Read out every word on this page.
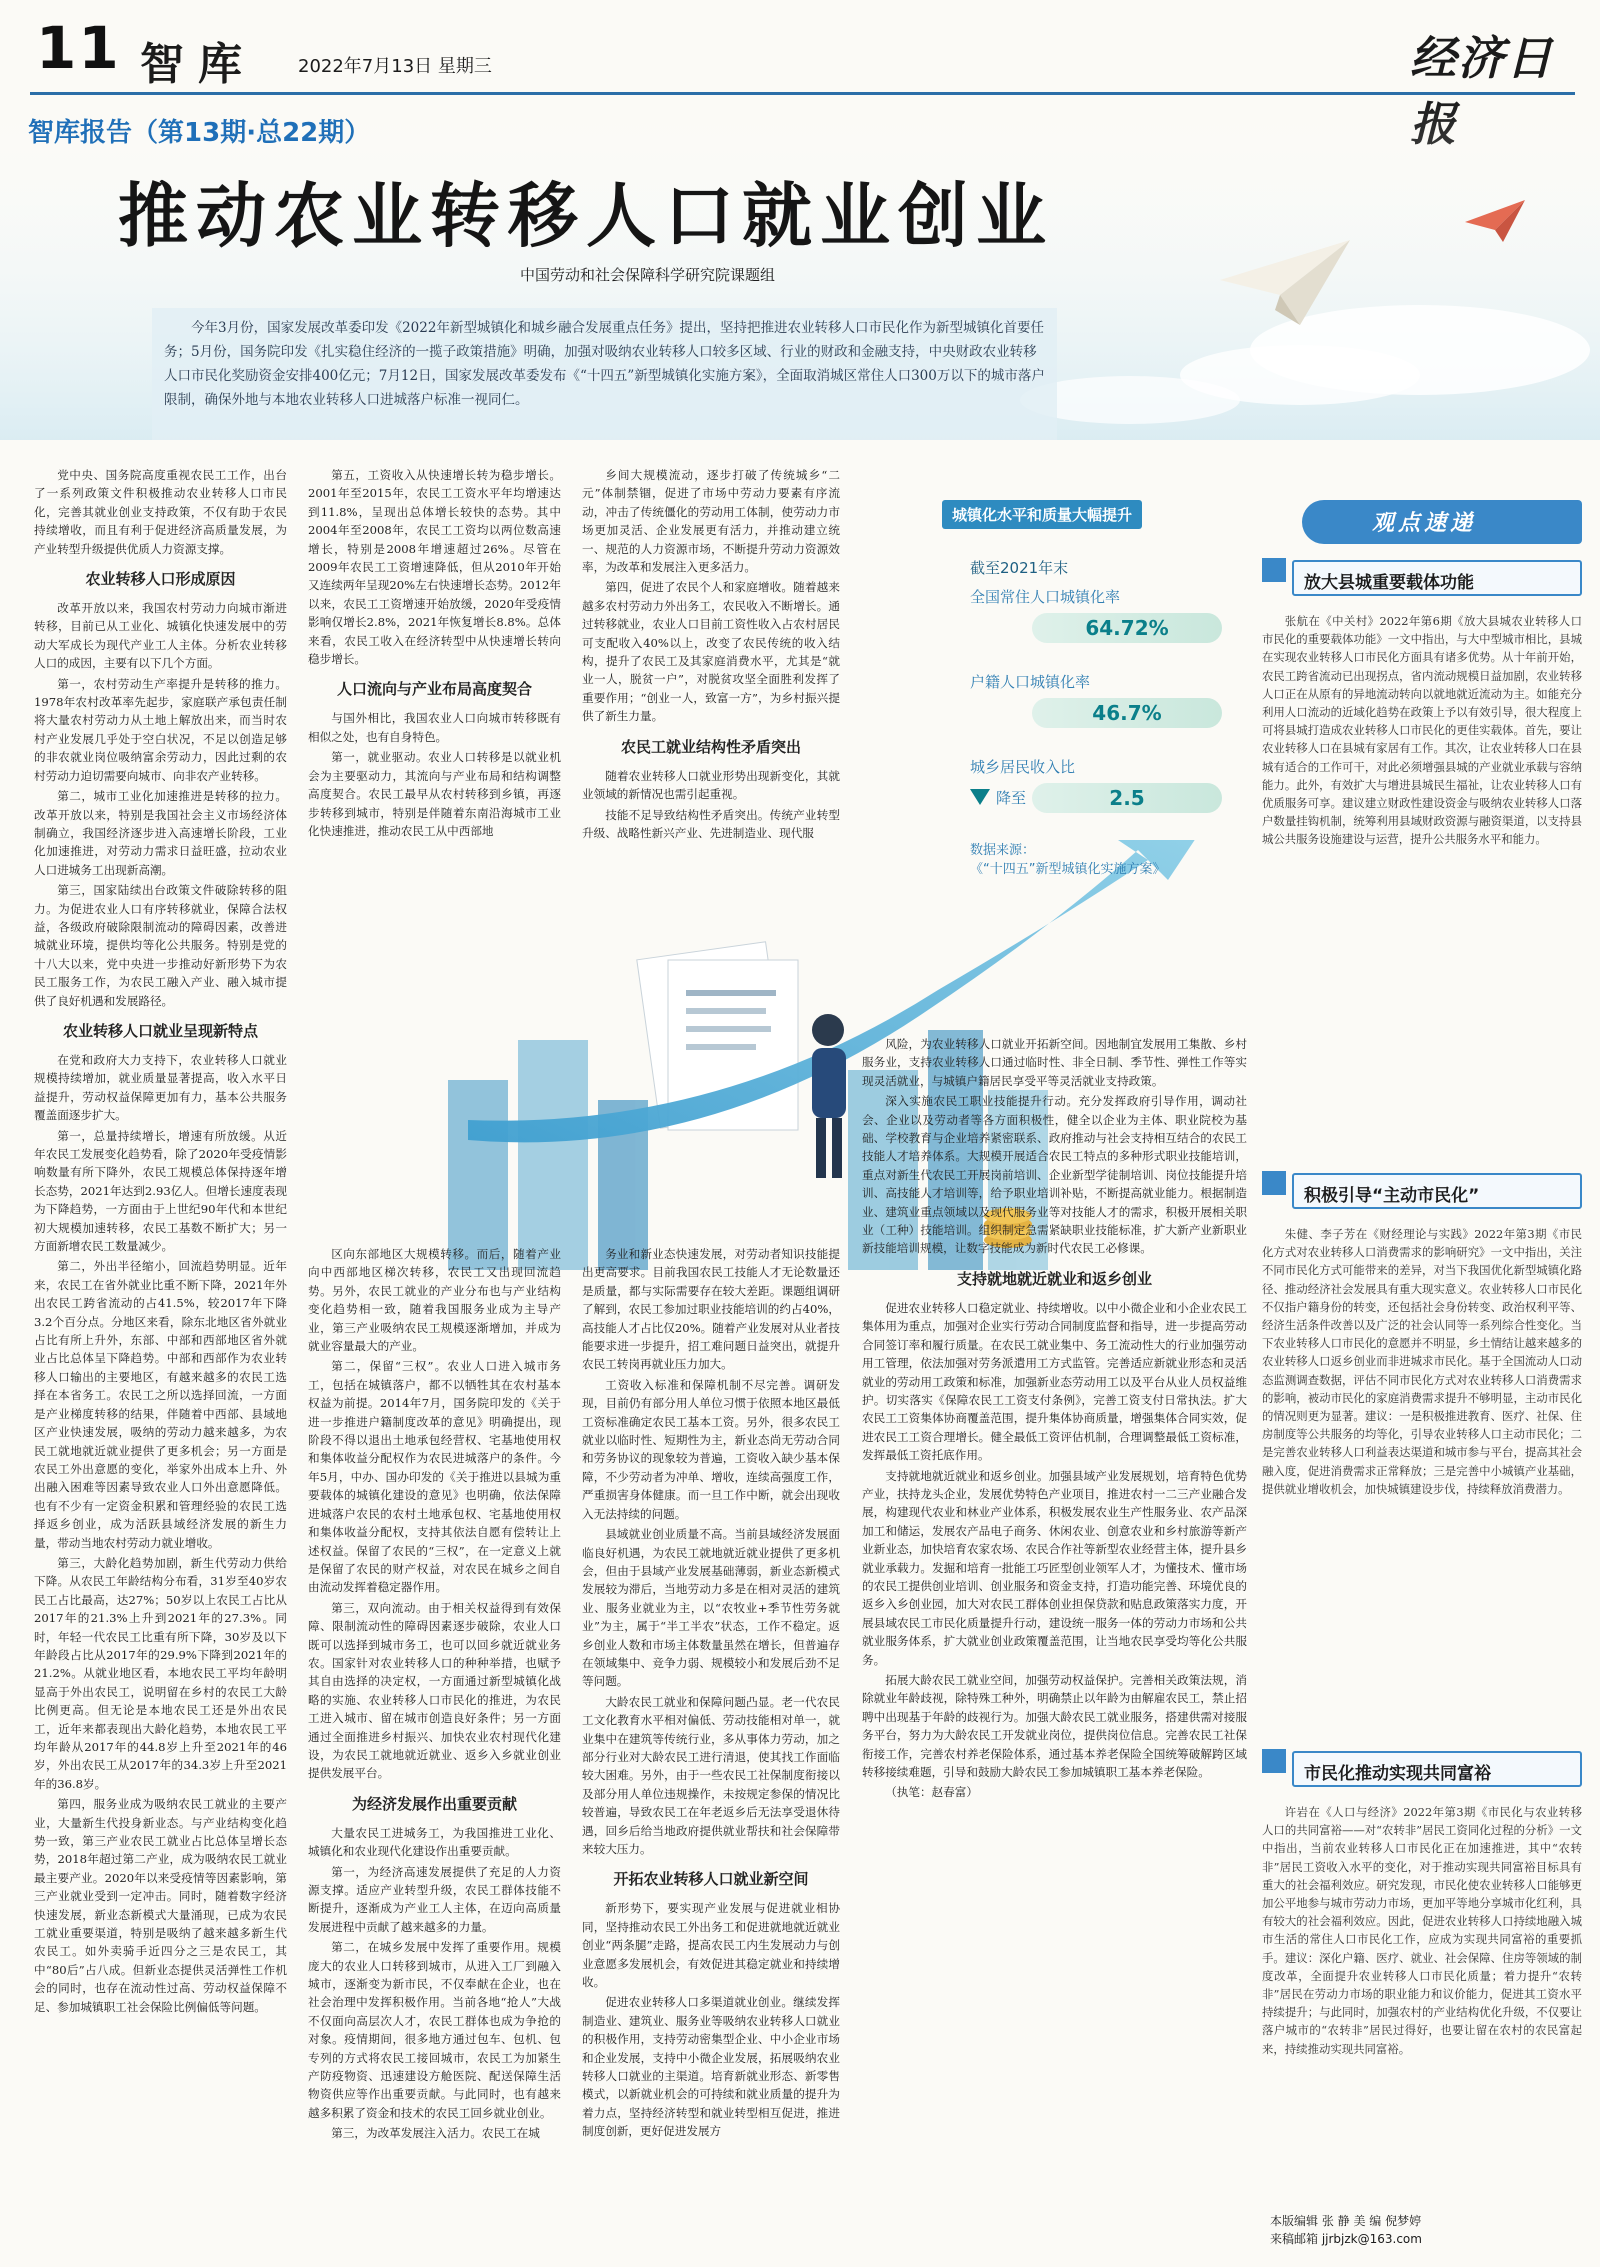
11 智库 2022年7月13日 星期三	经济日
智库报告（第13期·总22期）
推动农业转移人口就业创业
中国劳动和社会保障科学研究院课题组
今年3月份，国家发展改革委印发《2022年新型城镇化和城乡融合发展重点任务》提出，坚持把推进农业转移人口市民化作为新型城镇化首要任务；5月份，国务院印发《扎实稳住经济的一揽子政策措施》明确，加强对吸纳农业转移人口较多区域、行业的财政和金融支持，中央财政农业转移人口市民化奖励资金安排400亿元；7月12日，国家发展改革委发布《“十四五”新型城镇化实施方案》，全面取消城区常住人口300万以下的城市落户限制，确保外地与本地农业转移人口进城落户标准一视同仁。

党中央、国务院高度重视农民工工作，出台了一系列政策文件积极推动农业转移人口市民化，完善其就业创业支持政策，不仅有助于农民持续增收，而且有利于促进经济高质量发展，为产业转型升级提供优质人力资源支撑。

农业转移人口形成原因

改革开放以来，我国农村劳动力向城市渐进转移，目前已从工业化、城镇化快速发展中的劳动大军成长为现代产业工人主体。分析农业转移人口的成因，主要有以下几个方面。

第一，农村劳动生产率提升是转移的推力。1978年农村改革率先起步，家庭联产承包责任制将大量农村劳动力从土地上解放出来，而当时农村产业发展几乎处于空白状况，不足以创造足够的非农就业岗位吸纳富余劳动力，因此过剩的农村劳动力迫切需要向城市、向非农产业转移。

第二，城市工业化加速推进是转移的拉力。改革开放以来，特别是我国社会主义市场经济体制确立，我国经济逐步进入高速增长阶段，工业化加速推进，对劳动力需求日益旺盛，拉动农业人口进城务工出现新高潮。

第三，国家陆续出台政策文件破除转移的阻力。为促进农业人口有序转移就业，保障合法权益，各级政府破除限制流动的障碍因素，改善进城就业环境，提供均等化公共服务。特别是党的十八大以来，党中央进一步推动好新形势下为农民工服务工作，为农民工融入产业、融入城市提供了良好机遇和发展路径。

农业转移人口就业呈现新特点

在党和政府大力支持下，农业转移人口就业规模持续增加，就业质量显著提高，收入水平日益提升，劳动权益保障更加有力，基本公共服务覆盖面逐步扩大。

第一，总量持续增长，增速有所放缓。从近年农民工发展变化趋势看，除了2020年受疫情影响数量有所下降外，农民工规模总体保持逐年增长态势，2021年达到2.93亿人。但增长速度表现为下降趋势，一方面由于上世纪90年代和本世纪初大规模加速转移，农民工基数不断扩大；另一方面新增农民工数量减少。

第二，外出半径缩小，回流趋势明显。近年来，农民工在省外就业比重不断下降，2021年外出农民工跨省流动的占41.5%，较2017年下降3.2个百分点。分地区来看，除东北地区省外就业占比有所上升外，东部、中部和西部地区省外就业占比总体呈下降趋势。中部和西部作为农业转移人口输出的主要地区，有越来越多的农民工选择在本省务工。农民工之所以选择回流，一方面是产业梯度转移的结果，伴随着中西部、县域地区产业快速发展，吸纳的劳动力越来越多，为农民工就地就近就业提供了更多机会；另一方面是农民工外出意愿的变化，举家外出成本上升、外出融入困难等因素导致农业人口外出意愿降低。也有不少有一定资金积累和管理经验的农民工选择返乡创业，成为活跃县域经济发展的新生力量，带动当地农村劳动力就业增收。

第三，大龄化趋势加剧，新生代劳动力供给下降。从农民工年龄结构分布看，31岁至40岁农民工占比最高，达27%；50岁以上农民工占比从2017年的21.3%上升到2021年的27.3%。同时，年轻一代农民工比重有所下降，30岁及以下年龄段占比从2017年的29.9%下降到2021年的21.2%。从就业地区看，本地农民工平均年龄明显高于外出农民工，说明留在乡村的农民工大龄比例更高。但无论是本地农民工还是外出农民工，近年来都表现出大龄化趋势，本地农民工平均年龄从2017年的44.8岁上升至2021年的46岁，外出农民工从2017年的34.3岁上升至2021年的36.8岁。

第四，服务业成为吸纳农民工就业的主要产业，大量新生代投身新业态。与产业结构变化趋势一致，第三产业农民工就业占比总体呈增长态势，2018年超过第二产业，成为吸纳农民工就业最主要产业。2020年以来受疫情等因素影响，第三产业就业受到一定冲击。同时，随着数字经济快速发展，新业态新模式大量涌现，已成为农民工就业重要渠道，特别是吸纳了越来越多新生代农民工。如外卖骑手近四分之三是农民工，其中“80后”占八成。但新业态提供灵活弹性工作机会的同时，也存在流动性过高、劳动权益保障不足、参加城镇职工社会保险比例偏低等问题。

第五，工资收入从快速增长转为稳步增长。2001年至2015年，农民工工资水平年均增速达到11.8%，呈现出总体增长较快的态势。其中2004年至2008年，农民工工资均以两位数高速增长，特别是2008年增速超过26%。尽管在2009年农民工工资增速降低，但从2010年开始又连续两年呈现20%左右快速增长态势。2012年以来，农民工工资增速开始放缓，2020年受疫情影响仅增长2.8%，2021年恢复增长8.8%。总体来看，农民工收入在经济转型中从快速增长转向稳步增长。

人口流向与产业布局高度契合

与国外相比，我国农业人口向城市转移既有相似之处，也有自身特色。

第一，就业驱动。农业人口转移是以就业机会为主要驱动力，其流向与产业布局和结构调整高度契合。农民工最早从农村转移到乡镇，再逐步转移到城市，特别是伴随着东南沿海城市工业化快速推进，推动农民工从中西部地

乡间大规模流动，逐步打破了传统城乡“二元”体制禁锢，促进了市场中劳动力要素有序流动，冲击了传统僵化的劳动用工体制，使劳动力市场更加灵活、企业发展更有活力，并推动建立统一、规范的人力资源市场，不断提升劳动力资源效率，为改革和发展注入更多活力。

第四，促进了农民个人和家庭增收。随着越来越多农村劳动力外出务工，农民收入不断增长。通过转移就业，农业人口目前工资性收入占农村居民可支配收入40%以上，改变了农民传统的收入结构，提升了农民工及其家庭消费水平，尤其是“就业一人，脱贫一户”，对脱贫攻坚全面胜利发挥了重要作用；“创业一人，致富一方”，为乡村振兴提供了新生力量。

农民工就业结构性矛盾突出

随着农业转移人口就业形势出现新变化，其就业领域的新情况也需引起重视。

技能不足导致结构性矛盾突出。传统产业转型升级、战略性新兴产业、先进制造业、现代服

区向东部地区大规模转移。而后，随着产业向中西部地区梯次转移，农民工又出现回流趋势。另外，农民工就业的产业分布也与产业结构变化趋势相一致，随着我国服务业成为主导产业，第三产业吸纳农民工规模逐渐增加，并成为就业容量最大的产业。

第二，保留“三权”。农业人口进入城市务工，包括在城镇落户，都不以牺牲其在农村基本权益为前提。2014年7月，国务院印发的《关于进一步推进户籍制度改革的意见》明确提出，现阶段不得以退出土地承包经营权、宅基地使用权和集体收益分配权作为农民进城落户的条件。今年5月，中办、国办印发的《关于推进以县城为重要载体的城镇化建设的意见》也明确，依法保障进城落户农民的农村土地承包权、宅基地使用权和集体收益分配权，支持其依法自愿有偿转让上述权益。保留了农民的“三权”，在一定意义上就是保留了农民的财产权益，对农民在城乡之间自由流动发挥着稳定器作用。

第三，双向流动。由于相关权益得到有效保障、限制流动性的障碍因素逐步破除，农业人口既可以选择到城市务工，也可以回乡就近就业务农。国家针对农业转移人口的种种举措，也赋予其自由选择的决定权，一方面通过新型城镇化战略的实施、农业转移人口市民化的推进，为农民工进入城市、留在城市创造良好条件；另一方面通过全面推进乡村振兴、加快农业农村现代化建设，为农民工就地就近就业、返乡入乡就业创业提供发展平台。

为经济发展作出重要贡献

大量农民工进城务工，为我国推进工业化、城镇化和农业现代化建设作出重要贡献。

第一，为经济高速发展提供了充足的人力资源支撑。适应产业转型升级，农民工群体技能不断提升，逐渐成为产业工人主体，在迈向高质量发展进程中贡献了越来越多的力量。

第二，在城乡发展中发挥了重要作用。规模庞大的农业人口转移到城市，从进入工厂到融入城市，逐渐变为新市民，不仅奉献在企业，也在社会治理中发挥积极作用。当前各地“抢人”大战不仅面向高层次人才，农民工群体也成为争抢的对象。疫情期间，很多地方通过包车、包机、包专列的方式将农民工接回城市，农民工为加紧生产防疫物资、迅速建设方舱医院、配送保障生活物资供应等作出重要贡献。与此同时，也有越来越多积累了资金和技术的农民工回乡就业创业。

第三，为改革发展注入活力。农民工在城

务业和新业态快速发展，对劳动者知识技能提出更高要求。目前我国农民工技能人才无论数量还是质量，都与实际需要存在较大差距。课题组调研了解到，农民工参加过职业技能培训的约占40%，高技能人才占比仅20%。随着产业发展对从业者技能要求进一步提升，招工难问题日益突出，就提升农民工转岗再就业压力加大。

工资收入标准和保障机制不尽完善。调研发现，目前仍有部分用人单位习惯于依照本地区最低工资标准确定农民工基本工资。另外，很多农民工就业以临时性、短期性为主，新业态尚无劳动合同和劳务协议的现象较为普遍，工资收入缺少基本保障，不少劳动者为冲单、增收，连续高强度工作，严重损害身体健康。而一旦工作中断，就会出现收入无法持续的问题。

县域就业创业质量不高。当前县域经济发展面临良好机遇，为农民工就地就近就业提供了更多机会，但由于县域产业发展基础薄弱，新业态新模式发展较为滞后，当地劳动力多是在相对灵活的建筑业、服务业就业为主，以“农牧业+季节性劳务就业”为主，属于“半工半农”状态，工作不稳定。返乡创业人数和市场主体数量虽然在增长，但普遍存在领域集中、竞争力弱、规模较小和发展后劲不足等问题。

大龄农民工就业和保障问题凸显。老一代农民工文化教育水平相对偏低、劳动技能相对单一，就业集中在建筑等传统行业，多从事体力劳动，加之部分行业对大龄农民工进行清退，使其找工作面临较大困难。另外，由于一些农民工社保制度衔接以及部分用人单位违规操作，未按规定参保的情况比较普遍，导致农民工在年老返乡后无法享受退休待遇，回乡后给当地政府提供就业帮扶和社会保障带来较大压力。

开拓农业转移人口就业新空间

新形势下，要实现产业发展与促进就业相协同，坚持推动农民工外出务工和促进就地就近就业创业“两条腿”走路，提高农民工内生发展动力与创业意愿多发展机会，有效促进其稳定就业和持续增收。

促进农业转移人口多渠道就业创业。继续发挥制造业、建筑业、服务业等吸纳农业转移人口就业的积极作用，支持劳动密集型企业、中小企业市场和企业发展，支持中小微企业发展，拓展吸纳农业转移人口就业的主渠道。培育新就业形态、新零售模式，以新就业机会的可持续和就业质量的提升为着力点，坚持经济转型和就业转型相互促进，推进制度创新，更好促进发展方

风险，为农业转移人口就业开拓新空间。因地制宜发展用工集散、乡村服务业，支持农业转移人口通过临时性、非全日制、季节性、弹性工作等实现灵活就业，与城镇户籍居民享受平等灵活就业支持政策。

深入实施农民工职业技能提升行动。充分发挥政府引导作用，调动社会、企业以及劳动者等各方面积极性，健全以企业为主体、职业院校为基础、学校教育与企业培养紧密联系、政府推动与社会支持相互结合的农民工技能人才培养体系。大规模开展适合农民工特点的多种形式职业技能培训，重点对新生代农民工开展岗前培训、企业新型学徒制培训、岗位技能提升培训、高技能人才培训等，给予职业培训补贴，不断提高就业能力。根据制造业、建筑业重点领域以及现代服务业等对技能人才的需求，积极开展相关职业（工种）技能培训。组织制定急需紧缺职业技能标准，扩大新产业新职业新技能培训规模，让数字技能成为新时代农民工必修课。

支持就地就近就业和返乡创业

促进农业转移人口稳定就业、持续增收。以中小微企业和小企业农民工集体用为重点，加强对企业实行劳动合同制度监督和指导，进一步提高劳动合同签订率和履行质量。在农民工就业集中、务工流动性大的行业加强劳动用工管理，依法加强对劳务派遣用工方式监管。完善适应新就业形态和灵活就业的劳动用工政策和标准，加强新业态劳动用工以及平台从业人员权益维护。切实落实《保障农民工工资支付条例》，完善工资支付日常执法。扩大农民工工资集体协商覆盖范围，提升集体协商质量，增强集体合同实效，促进农民工工资合理增长。健全最低工资评估机制，合理调整最低工资标准，发挥最低工资托底作用。

支持就地就近就业和返乡创业。加强县域产业发展规划，培育特色优势产业，扶持龙头企业，发展优势特色产业项目，推进农村一二三产业融合发展，构建现代农业和林业产业体系，积极发展农业生产性服务业、农产品深加工和储运，发展农产品电子商务、休闲农业、创意农业和乡村旅游等新产业新业态，加快培育农家农场、农民合作社等新型农业经营主体，提升县乡就业承载力。发掘和培育一批能工巧匠型创业领军人才，为懂技术、懂市场的农民工提供创业培训、创业服务和资金支持，打造功能完善、环境优良的返乡入乡创业园，加大对农民工群体创业担保贷款和贴息政策落实力度，开展县域农民工市民化质量提升行动，建设统一服务一体的劳动力市场和公共就业服务体系，扩大就业创业政策覆盖范围，让当地农民享受均等化公共服务。

拓展大龄农民工就业空间，加强劳动权益保护。完善相关政策法规，消除就业年龄歧视，除特殊工种外，明确禁止以年龄为由解雇农民工，禁止招聘中出现基于年龄的歧视行为。加强大龄农民工就业服务，搭建供需对接服务平台，努力为大龄农民工开发就业岗位，提供岗位信息。完善农民工社保衔接工作，完善农村养老保险体系，通过基本养老保险全国统筹破解跨区域转移接续难题，引导和鼓励大龄农民工参加城镇职工基本养老保险。

（执笔：赵春富）

城镇化水平和质量大幅提升
截至2021年末
全国常住人口城镇化率
64.72%
户籍人口城镇化率
46.7%
城乡居民收入比
降至	2.5
数据来源：
《“十四五”新型城镇化实施方案》
观点速递
放大县城重要载体功能
张航在《中关村》2022年第6期《放大县城农业转移人口市民化的重要载体功能》一文中指出，与大中型城市相比，县城在实现农业转移人口市民化方面具有诸多优势。从十年前开始，农民工跨省流动已出现拐点，省内流动规模日益加剧，农业转移人口正在从原有的异地流动转向以就地就近流动为主。如能充分利用人口流动的近域化趋势在政策上予以有效引导，很大程度上可将县城打造成农业转移人口市民化的更佳实载体。首先，要让农业转移人口在县城有家居有工作。其次，让农业转移人口在县城有适合的工作可干，对此必须增强县城的产业就业承载与容纳能力。此外，有效扩大与增进县城民生福祉，让农业转移人口有优质服务可享。建议建立财政性建设资金与吸纳农业转移人口落户数量挂钩机制，统筹利用县域财政资源与融资渠道，以支持县城公共服务设施建设与运营，提升公共服务水平和能力。
积极引导“主动市民化”
朱健、李子芳在《财经理论与实践》2022年第3期《市民化方式对农业转移人口消费需求的影响研究》一文中指出，关注不同市民化方式可能带来的差异，对当下我国优化新型城镇化路径、推动经济社会发展具有重大现实意义。农业转移人口市民化不仅指户籍身份的转变，还包括社会身份转变、政治权利平等、经济生活条件改善以及广泛的社会认同等一系列综合性变化。当下农业转移人口市民化的意愿并不明显，乡土情结让越来越多的农业转移人口返乡创业而非进城求市民化。基于全国流动人口动态监测调查数据，评估不同市民化方式对农业转移人口消费需求的影响，被动市民化的家庭消费需求提升不够明显，主动市民化的情况则更为显著。建议：一是积极推进教育、医疗、社保、住房制度等公共服务的均等化，引导农业转移人口主动市民化；二是完善农业转移人口利益表达渠道和城市参与平台，提高其社会融入度，促进消费需求正常释放；三是完善中小城镇产业基础，提供就业增收机会，加快城镇建设步伐，持续释放消费潜力。
市民化推动实现共同富裕
许岩在《人口与经济》2022年第3期《市民化与农业转移人口的共同富裕——对“农转非”居民工资同化过程的分析》一文中指出，当前农业转移人口市民化正在加速推进，其中“农转非”居民工资收入水平的变化，对于推动实现共同富裕目标具有重大的社会福利效应。研究发现，市民化使农业转移人口能够更加公平地参与城市劳动力市场，更加平等地分享城市化红利，具有较大的社会福利效应。因此，促进农业转移人口持续地融入城市生活的常住人口市民化工作，应成为实现共同富裕的重要抓手。建议：深化户籍、医疗、就业、社会保障、住房等领域的制度改革，全面提升农业转移人口市民化质量；着力提升“农转非”居民在劳动力市场的职业能力和议价能力，促进其工资水平持续提升；与此同时，加强农村的产业结构优化升级，不仅要让落户城市的“农转非”居民过得好，也要让留在农村的农民富起来，持续推动实现共同富裕。
本版编辑 张 静 美 编 倪梦婷
来稿邮箱 jjrbjzk@163.com
